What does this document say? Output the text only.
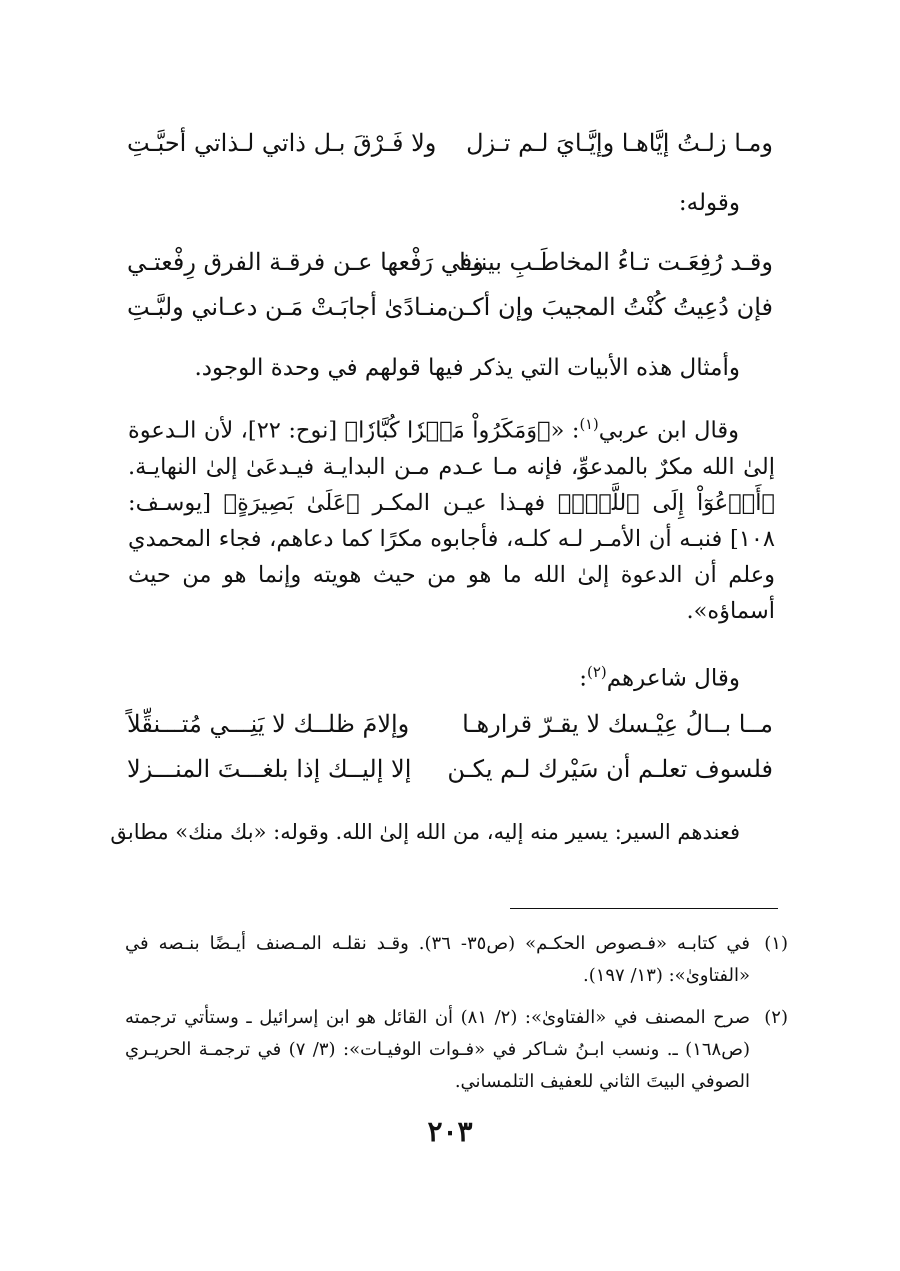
ومـا زلـتُ إيَّاهـا وإيَّـايَ لـم تـزل
ولا فَـرْقَ بـل ذاتي لـذاتي أحبَّـتِ
وقوله:
وقـد رُفِعَـت تـاءُ المخاطَـبِ بيننـا
وفي رَفْعها عـن فرقـة الفرق رِفْعتـي
فإن دُعِيتُ كُنْتُ المجيبَ وإن أكـن
منـادًىٰ أجابَـتْ مَـن دعـاني ولبَّـتِ
وأمثال هذه الأبيات التي يذكر فيها قولهم في وحدة الوجود.

وقال ابن عربي$^{(١)}$: «﴿وَمَكَرُواْ مَكۡرٗا كُبَّارٗا﴾ [نوح: ٢٢]، لأن الـدعوة إلىٰ الله مكرٌ بالمدعوِّ، فإنه مـا عـدم مـن البدايـة فيـدعَىٰ إلىٰ النهايـة. ﴿أَدۡعُوٓاْ إِلَى ٱللَّهِۚ﴾ فهـذا عيـن المكـر ﴿عَلَىٰ بَصِيرَةٍ﴾ [يوسـف: ١٠٨] فنبـه أن الأمـر لـه كلـه، فأجابوه مكرًا كما دعاهم، فجاء المحمدي وعلم أن الدعوة إلىٰ الله ما هو من حيث هويته وإنما هو من حيث أسماؤه».

وقال شاعرهم$^{(٢)}$:
مــا بــالُ عِيْـسك لا يقـرّ قرارهـا
وإلامَ ظلــك لا يَنِـــي مُتـــنقِّلاً
فلسوف تعلـم أن سَيْرك لـم يكـن
إلا إليــك إذا بلغـــتَ المنـــزلا
فعندهم السير: يسير منه إليه، من الله إلىٰ الله. وقوله: «بك منك» مطابق
(١)
في كتابـه «فـصوص الحكـم» (ص٣٥- ٣٦). وقـد نقلـه المـصنف أيـضًا بنـصه في «الفتاوىٰ»: (١٣/ ١٩٧).
(٢)
صرح المصنف في «الفتاوىٰ»: (٢/ ٨١) أن القائل هو ابن إسرائيل ـ وستأتي ترجمته (ص١٦٨) ـ. ونسب ابـنُ شـاكر في «فـوات الوفيـات»: (٣/ ٧) في ترجمـة الحريـري الصوفي البيتَ الثاني للعفيف التلمساني.
٢٠٣
